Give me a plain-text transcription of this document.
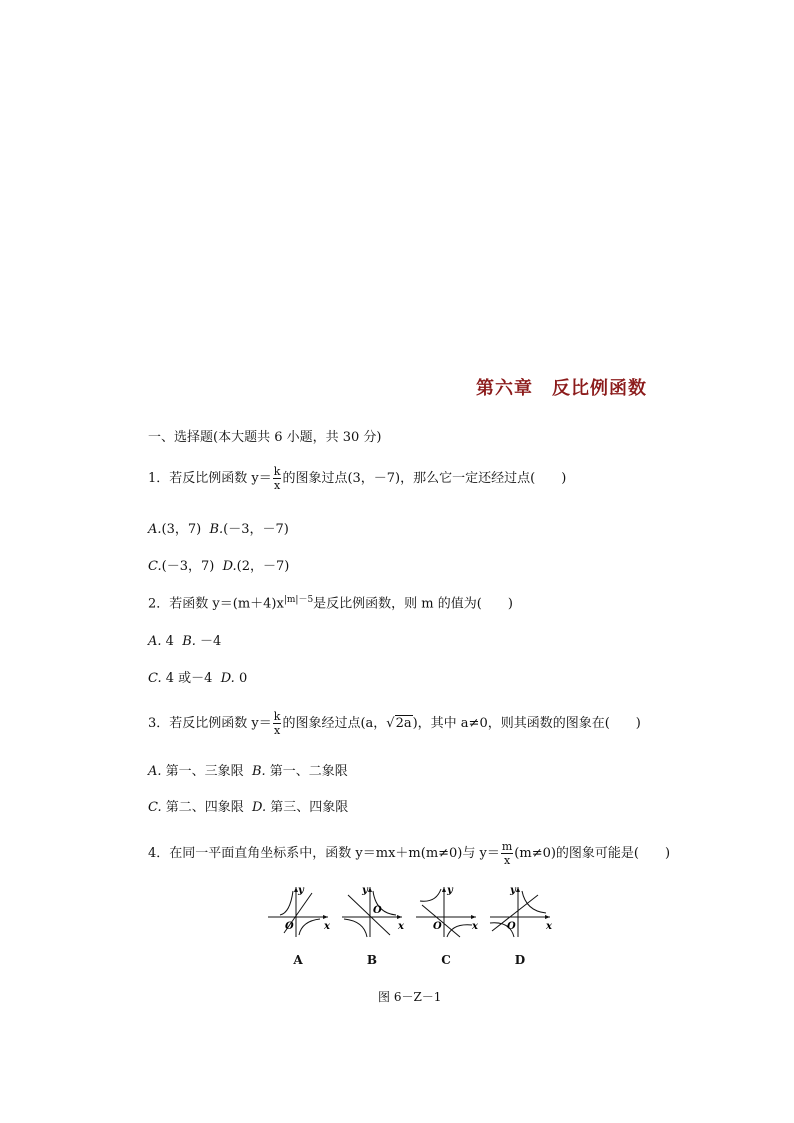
第六章　反比例函数
一、选择题(本大题共 6 小题，共 30 分)
1．若反比例函数 $y= \frac{k}{x}$ 的图象过点(3，－7)，那么它一定还经过点(　　)
A.(3，7) B.(－3，－7)
C.(－3，7) D.(2，－7)
2．若函数 $y=(m+4)x^{|m|-5}$是反比例函数，则 m 的值为(　　)
A. 4 B. －4
C. 4 或－4 D. 0
3．若反比例函数 $y= \frac{k}{x}$ 的图象经过点(a，√2a)，其中 a≠0，则其函数的图象在(　　)
A. 第一、三象限 B. 第一、二象限
C. 第二、四象限 D. 第三、四象限
4．在同一平面直角坐标系中，函数 y＝mx＋m(m≠0)与 $y= \frac{m}{x} (m\ne 0)$的图象可能是(　　)
y
x
O
y
x
O
y
x
O
y
x
O
A	B	C	D
图 6－Z－1
